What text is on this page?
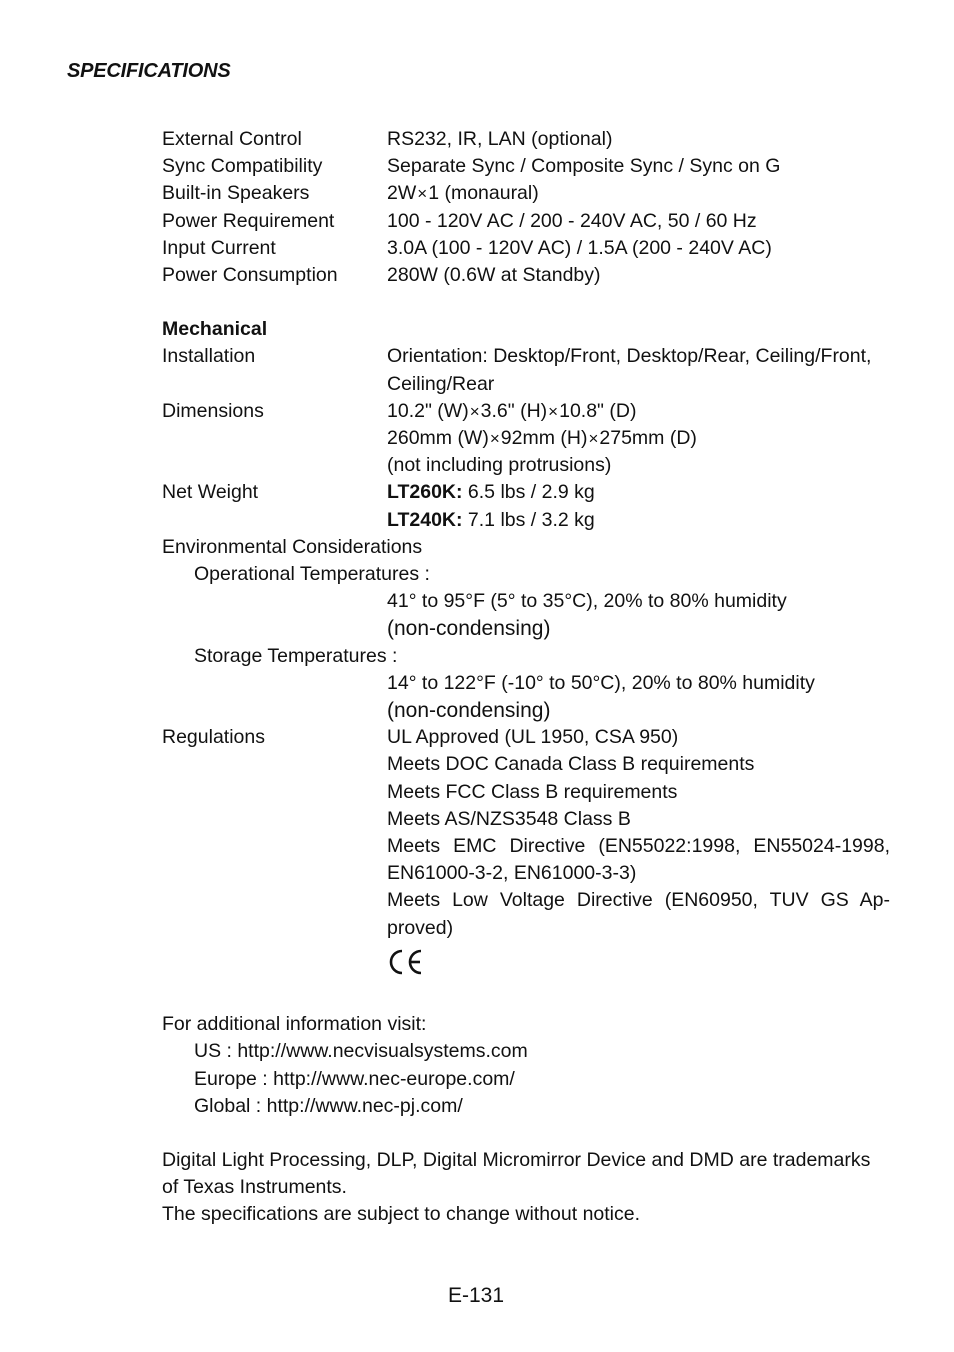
SPECIFICATIONS
External Control	RS232, IR, LAN (optional)
Sync Compatibility	Separate Sync / Composite Sync / Sync on G
Built-in Speakers	2W×1 (monaural)
Power Requirement	100 - 120V AC / 200 - 240V AC, 50 / 60 Hz
Input Current	3.0A (100 - 120V AC) / 1.5A (200 - 240V AC)
Power Consumption	280W (0.6W at Standby)
Mechanical
Installation	Orientation: Desktop/Front, Desktop/Rear, Ceiling/Front, Ceiling/Rear
Dimensions	10.2" (W)×3.6" (H)×10.8" (D)
260mm (W)×92mm (H)×275mm (D)
(not including protrusions)
Net Weight	LT260K: 6.5 lbs / 2.9 kg
LT240K: 7.1 lbs / 3.2 kg
Environmental Considerations
Operational Temperatures :
41° to 95°F (5° to 35°C), 20% to 80% humidity
(non-condensing)
Storage Temperatures :
14° to 122°F (-10° to 50°C), 20% to 80% humidity
(non-condensing)
Regulations	UL Approved (UL 1950, CSA 950)
Meets DOC Canada Class B requirements
Meets FCC Class B requirements
Meets AS/NZS3548 Class B
Meets EMC Directive (EN55022:1998, EN55024-1998, EN61000-3-2, EN61000-3-3)
Meets Low Voltage Directive (EN60950, TUV GS Ap-proved)
For additional information visit:
US : http://www.necvisualsystems.com
Europe : http://www.nec-europe.com/
Global : http://www.nec-pj.com/
Digital Light Processing, DLP, Digital Micromirror Device and DMD are trademarks of Texas Instruments.
The specifications are subject to change without notice.
E-131
